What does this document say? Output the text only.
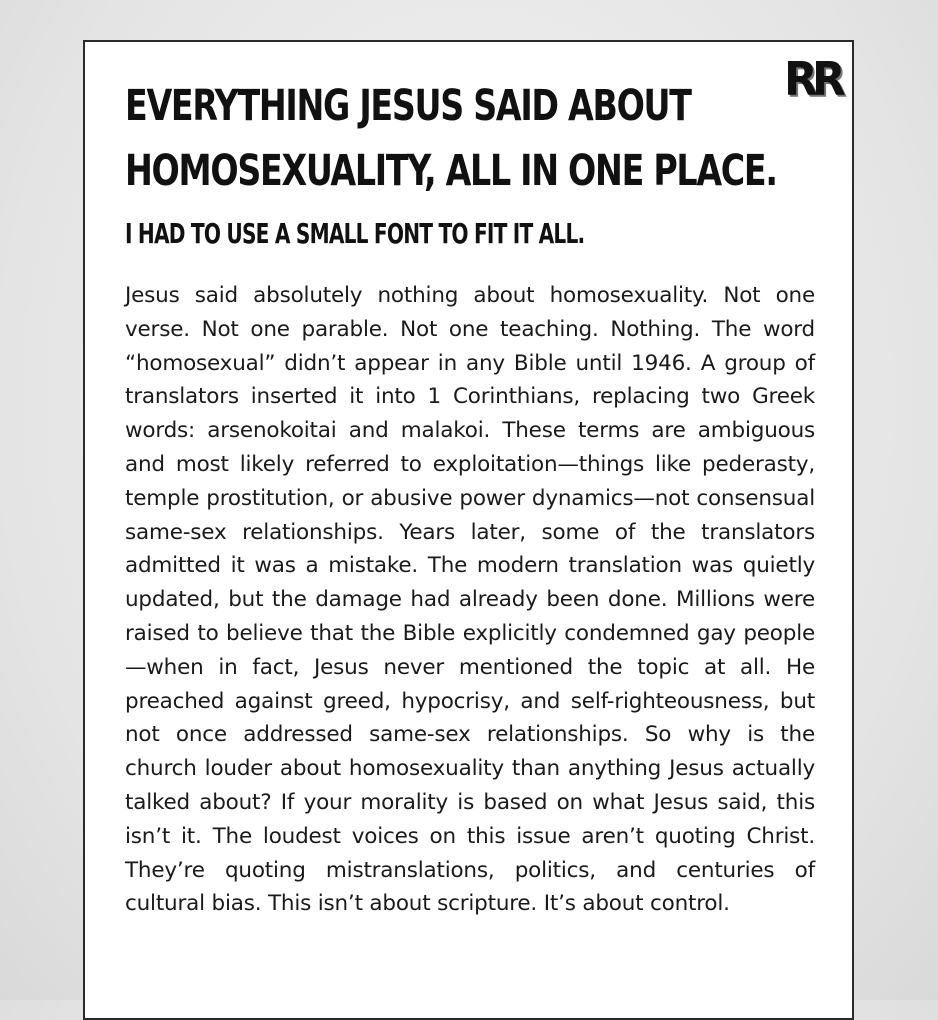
RR
EVERYTHING JESUS SAID ABOUT
HOMOSEXUALITY, ALL IN ONE PLACE.
I HAD TO USE A SMALL FONT TO FIT IT ALL.

Jesus said absolutely nothing about homosexuality. Not one verse. Not one parable. Not one teaching. Nothing. The word “homosexual” didn’t appear in any Bible until 1946. A group of translators inserted it into 1 Corinthians, replacing two Greek words: arsenokoitai and malakoi. These terms are ambiguous and most likely referred to exploitation—things like pederasty, temple prostitution, or abusive power dynamics—not consensual same-sex relationships. Years later, some of the translators admitted it was a mistake. The modern translation was quietly updated, but the damage had already been done. Millions were raised to believe that the Bible explicitly condemned gay people—when in fact, Jesus never mentioned the topic at all. He preached against greed, hypocrisy, and self-righteousness, but not once addressed same-sex relationships. So why is the church louder about homosexuality than anything Jesus actually talked about? If your morality is based on what Jesus said, this isn’t it. The loudest voices on this issue aren’t quoting Christ. They’re quoting mistranslations, politics, and centuries of cultural bias. This isn’t about scripture. It’s about control.
